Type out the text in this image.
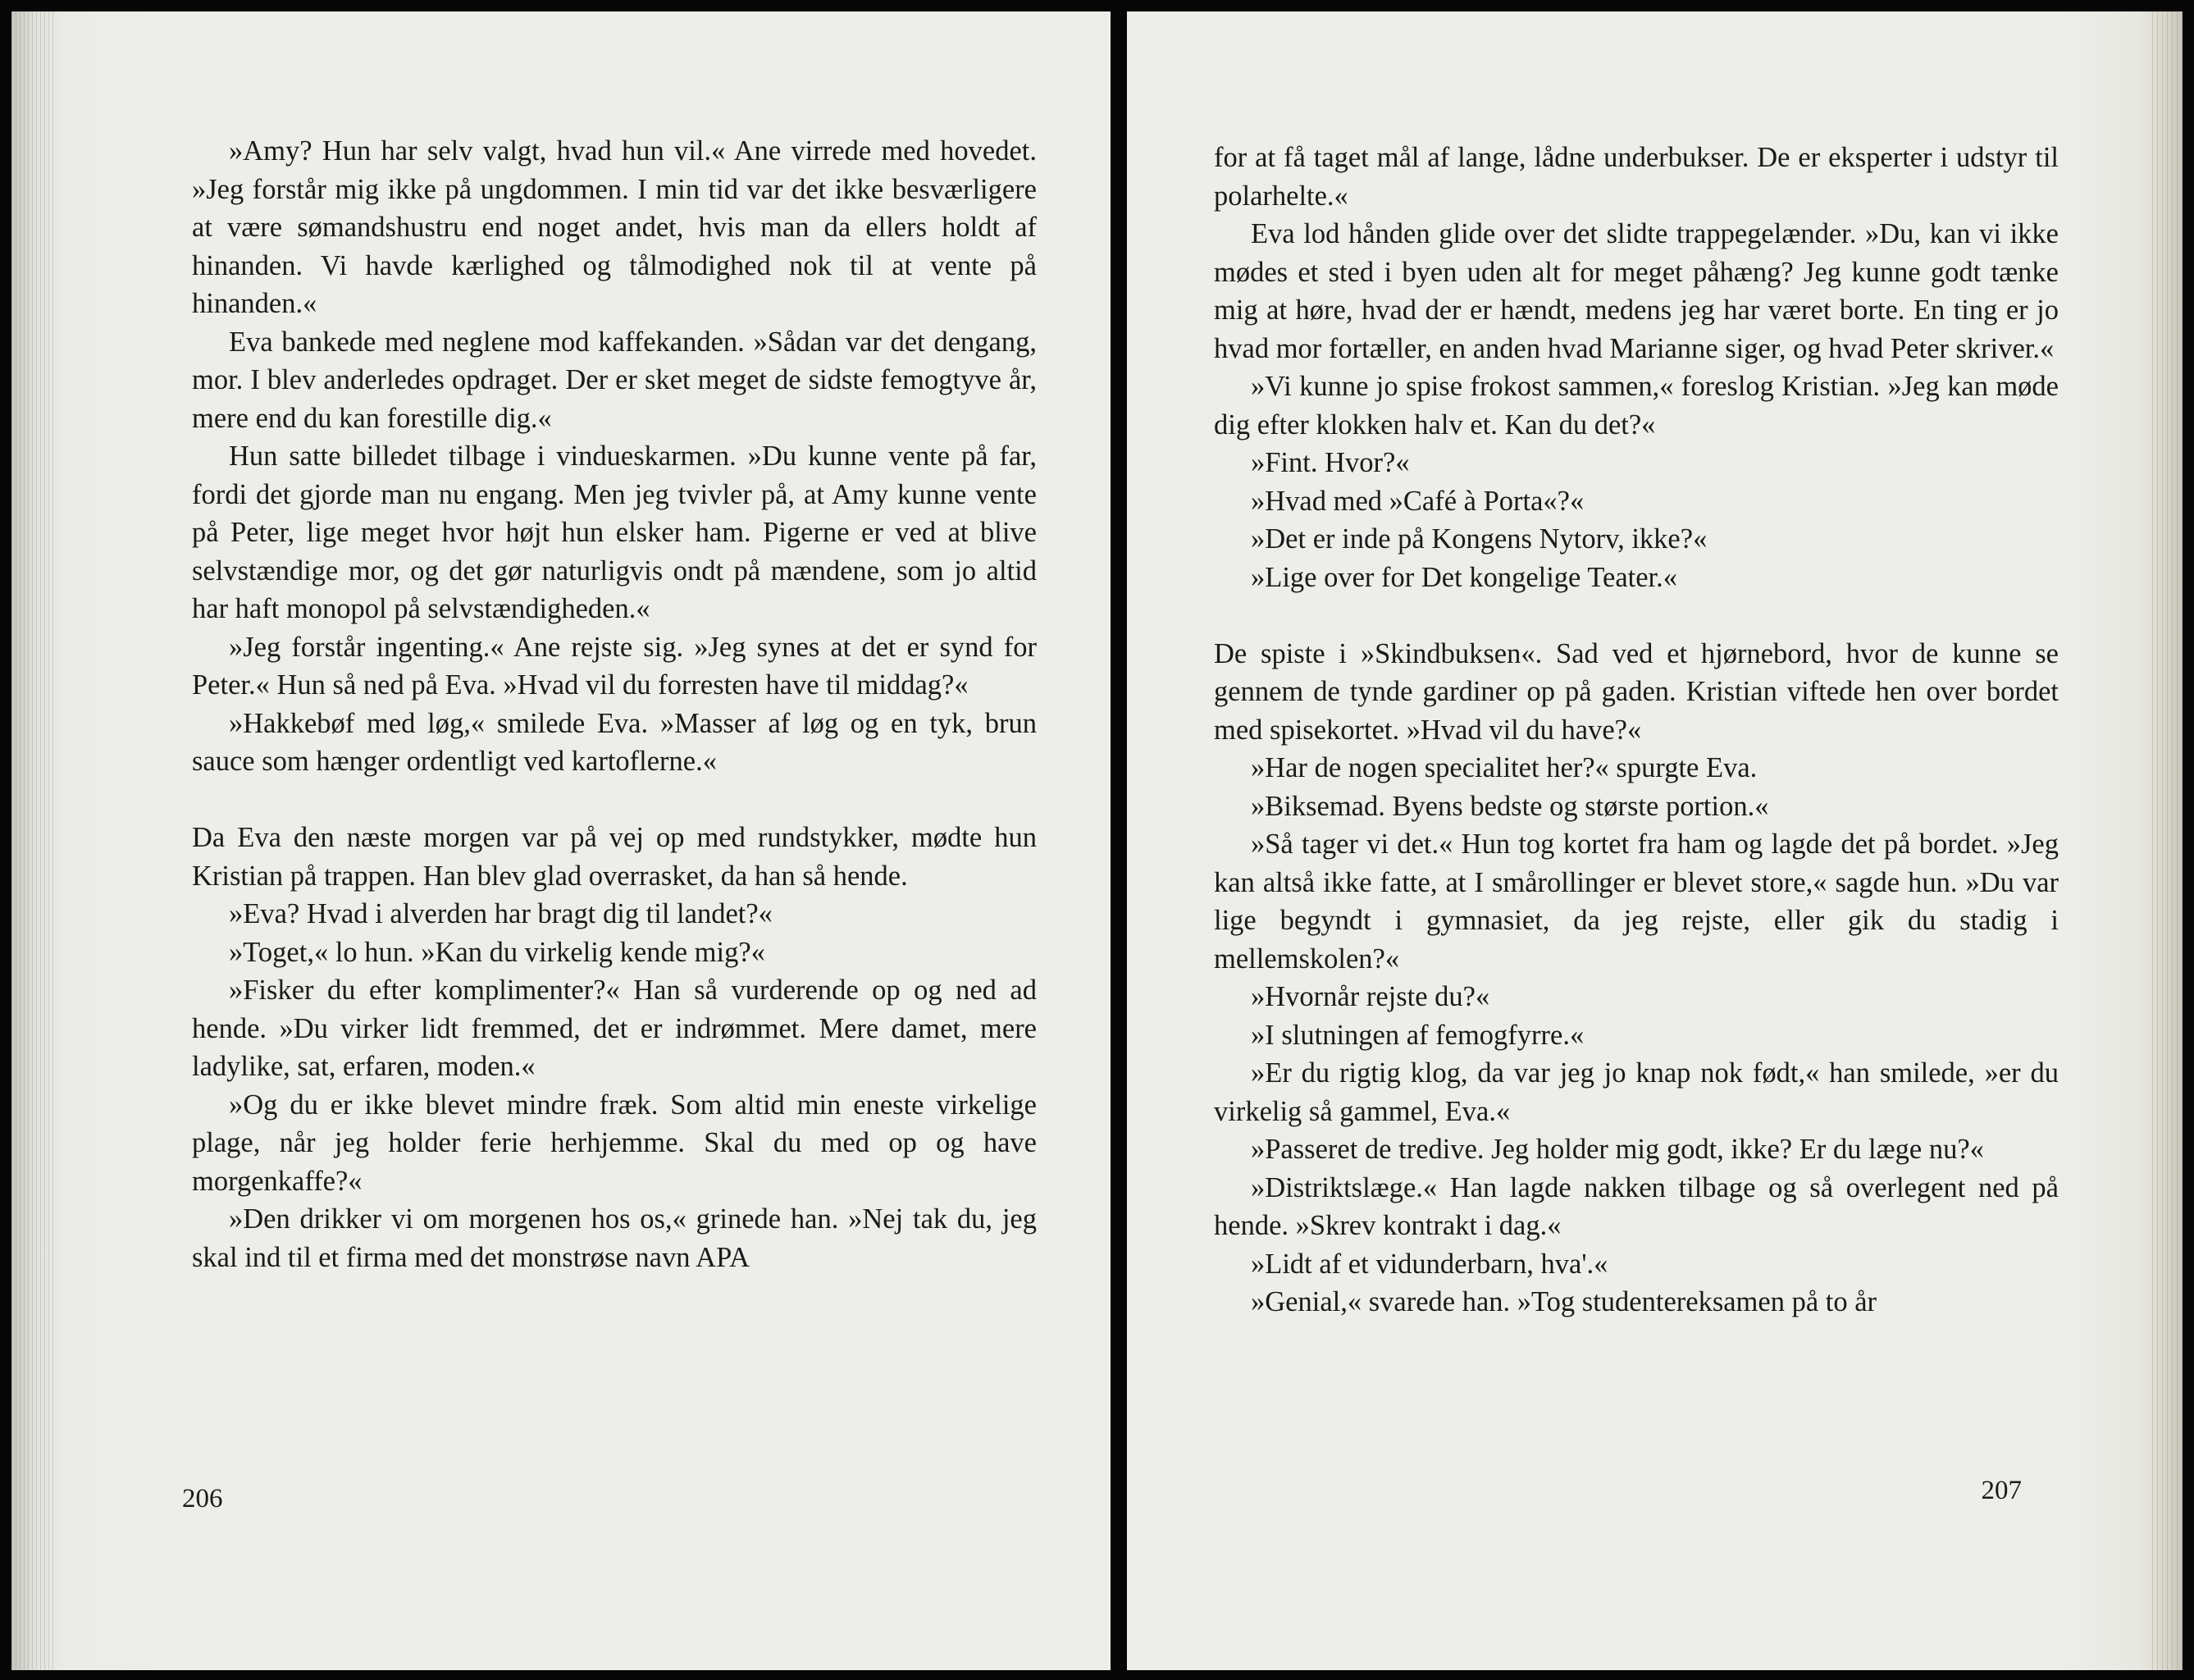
»Amy? Hun har selv valgt, hvad hun vil.« Ane virrede med hovedet. »Jeg forstår mig ikke på ungdommen. I min tid var det ikke besværligere at være sømandshustru end noget andet, hvis man da ellers holdt af hinanden. Vi havde kærlighed og tålmodighed nok til at vente på hinanden.«

Eva bankede med neglene mod kaffekanden. »Sådan var det dengang, mor. I blev anderledes opdraget. Der er sket meget de sidste femogtyve år, mere end du kan forestille dig.«

Hun satte billedet tilbage i vindueskarmen. »Du kunne vente på far, fordi det gjorde man nu engang. Men jeg tvivler på, at Amy kunne vente på Peter, lige meget hvor højt hun elsker ham. Pigerne er ved at blive selvstændige mor, og det gør naturligvis ondt på mændene, som jo altid har haft monopol på selvstændigheden.«

»Jeg forstår ingenting.« Ane rejste sig. »Jeg synes at det er synd for Peter.« Hun så ned på Eva. »Hvad vil du forresten have til middag?«

»Hakkebøf med løg,« smilede Eva. »Masser af løg og en tyk, brun sauce som hænger ordentligt ved kartoflerne.«

Da Eva den næste morgen var på vej op med rundstykker, mødte hun Kristian på trappen. Han blev glad overrasket, da han så hende.

»Eva? Hvad i alverden har bragt dig til landet?«

»Toget,« lo hun. »Kan du virkelig kende mig?«

»Fisker du efter komplimenter?« Han så vurderende op og ned ad hende. »Du virker lidt fremmed, det er indrømmet. Mere damet, mere ladylike, sat, erfaren, moden.«

»Og du er ikke blevet mindre fræk. Som altid min eneste virkelige plage, når jeg holder ferie herhjemme. Skal du med op og have morgenkaffe?«

»Den drikker vi om morgenen hos os,« grinede han. »Nej tak du, jeg skal ind til et firma med det monstrøse navn APA

206

for at få taget mål af lange, lådne underbukser. De er eksperter i udstyr til polarhelte.«

Eva lod hånden glide over det slidte trappegelænder. »Du, kan vi ikke mødes et sted i byen uden alt for meget påhæng? Jeg kunne godt tænke mig at høre, hvad der er hændt, medens jeg har været borte. En ting er jo hvad mor fortæller, en anden hvad Marianne siger, og hvad Peter skriver.«

»Vi kunne jo spise frokost sammen,« foreslog Kristian. »Jeg kan møde dig efter klokken halv et. Kan du det?«

»Fint. Hvor?«

»Hvad med »Café à Porta«?«

»Det er inde på Kongens Nytorv, ikke?«

»Lige over for Det kongelige Teater.«

De spiste i »Skindbuksen«. Sad ved et hjørnebord, hvor de kunne se gennem de tynde gardiner op på gaden. Kristian viftede hen over bordet med spisekortet. »Hvad vil du have?«

»Har de nogen specialitet her?« spurgte Eva.

»Biksemad. Byens bedste og største portion.«

»Så tager vi det.« Hun tog kortet fra ham og lagde det på bordet. »Jeg kan altså ikke fatte, at I smårollinger er blevet store,« sagde hun. »Du var lige begyndt i gymnasiet, da jeg rejste, eller gik du stadig i mellemskolen?«

»Hvornår rejste du?«

»I slutningen af femogfyrre.«

»Er du rigtig klog, da var jeg jo knap nok født,« han smilede, »er du virkelig så gammel, Eva.«

»Passeret de tredive. Jeg holder mig godt, ikke? Er du læge nu?«

»Distriktslæge.« Han lagde nakken tilbage og så overlegent ned på hende. »Skrev kontrakt i dag.«

»Lidt af et vidunderbarn, hva'.«

»Genial,« svarede han. »Tog studentereksamen på to år

207
